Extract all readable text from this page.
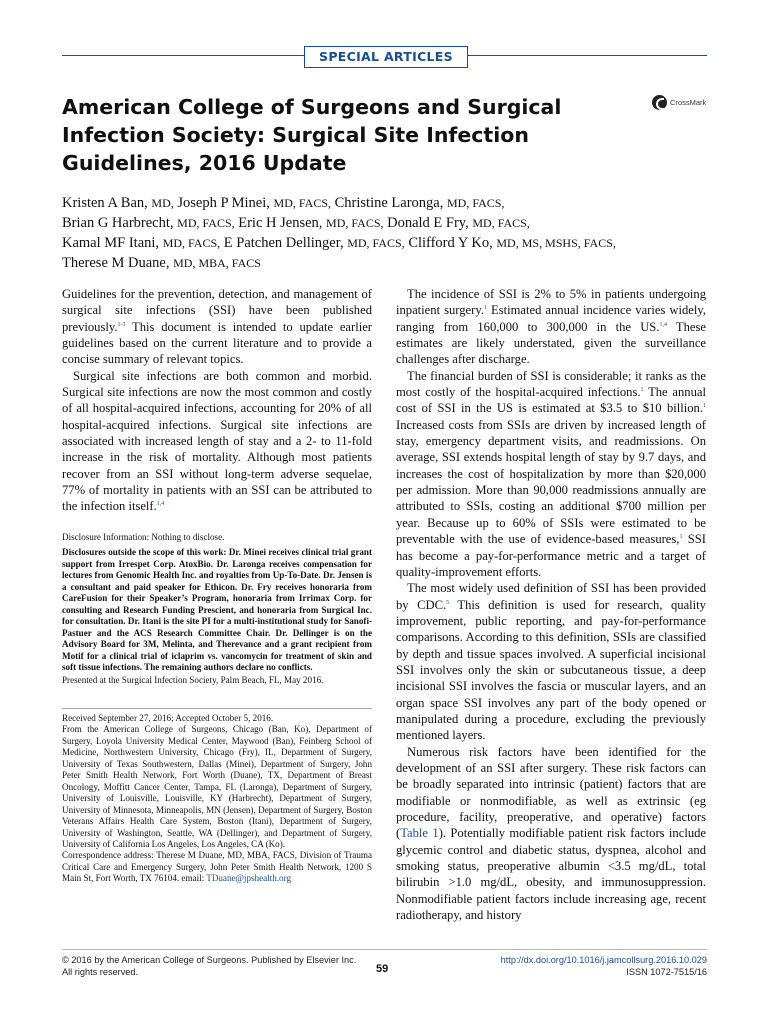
SPECIAL ARTICLES
American College of Surgeons and Surgical Infection Society: Surgical Site Infection Guidelines, 2016 Update
CrossMark

Kristen A Ban, MD, Joseph P Minei, MD, FACS, Christine Laronga, MD, FACS,

Brian G Harbrecht, MD, FACS, Eric H Jensen, MD, FACS, Donald E Fry, MD, FACS,

Kamal MF Itani, MD, FACS, E Patchen Dellinger, MD, FACS, Clifford Y Ko, MD, MS, MSHS, FACS,

Therese M Duane, MD, MBA, FACS

Guidelines for the prevention, detection, and management of surgical site infections (SSI) have been published previously.$^{1-3}$ This document is intended to update earlier guidelines based on the current literature and to provide a concise summary of relevant topics.

Surgical site infections are both common and morbid. Surgical site infections are now the most common and costly of all hospital-acquired infections, accounting for 20% of all hospital-acquired infections. Surgical site infections are associated with increased length of stay and a 2- to 11-fold increase in the risk of mortality. Although most patients recover from an SSI without long-term adverse sequelae, 77% of mortality in patients with an SSI can be attributed to the infection itself.$^{1,4}$

Disclosure Information: Nothing to disclose.

Disclosures outside the scope of this work: Dr. Minei receives clinical trial grant support from Irrespet Corp. AtoxBio. Dr. Laronga receives compensation for lectures from Genomic Health Inc. and royalties from Up-To-Date. Dr. Jensen is a consultant and paid speaker for Ethicon. Dr. Fry receives honoraria from CareFusion for their Speaker’s Program, honoraria from Irrimax Corp. for consulting and Research Funding Prescient, and honoraria from Surgical Inc. for consultation. Dr. Itani is the site PI for a multi-institutional study for Sanofi-Pastuer and the ACS Research Committee Chair. Dr. Dellinger is on the Advisory Board for 3M, Melinta, and Therevance and a grant recipient from Motif for a clinical trial of iclaprim vs. vancomycin for treatment of skin and soft tissue infections. The remaining authors declare no conflicts.

Presented at the Surgical Infection Society, Palm Beach, FL, May 2016.

Received September 27, 2016; Accepted October 5, 2016.

From the American College of Surgeons, Chicago (Ban, Ko), Department of Surgery, Loyola University Medical Center, Maywood (Ban), Feinberg School of Medicine, Northwestern University, Chicago (Fry), IL, Department of Surgery, University of Texas Southwestern, Dallas (Minei), Department of Surgery, John Peter Smith Health Network, Fort Worth (Duane), TX, Department of Breast Oncology, Moffitt Cancer Center, Tampa, FL (Laronga), Department of Surgery, University of Louisville, Louisville, KY (Harbrecht), Department of Surgery, University of Minnesota, Minneapolis, MN (Jensen), Department of Surgery, Boston Veterans Affairs Health Care System, Boston (Itani), Department of Surgery, University of Washington, Seattle, WA (Dellinger), and Department of Surgery, University of California Los Angeles, Los Angeles, CA (Ko).

Correspondence address: Therese M Duane, MD, MBA, FACS, Division of Trauma Critical Care and Emergency Surgery, John Peter Smith Health Network, 1200 S Main St, Fort Worth, TX 76104. email: TDuane@jpshealth.org

The incidence of SSI is 2% to 5% in patients undergoing inpatient surgery.$^1$ Estimated annual incidence varies widely, ranging from 160,000 to 300,000 in the US.$^{1,4}$ These estimates are likely understated, given the surveillance challenges after discharge.

The financial burden of SSI is considerable; it ranks as the most costly of the hospital-acquired infections.$^1$ The annual cost of SSI in the US is estimated at $3.5 to $10 billion.$^1$ Increased costs from SSIs are driven by increased length of stay, emergency department visits, and readmissions. On average, SSI extends hospital length of stay by 9.7 days, and increases the cost of hospitalization by more than $20,000 per admission. More than 90,000 readmissions annually are attributed to SSIs, costing an additional $700 million per year. Because up to 60% of SSIs were estimated to be preventable with the use of evidence-based measures,$^1$ SSI has become a pay-for-performance metric and a target of quality-improvement efforts.

The most widely used definition of SSI has been provided by CDC.$^5$ This definition is used for research, quality improvement, public reporting, and pay-for-performance comparisons. According to this definition, SSIs are classified by depth and tissue spaces involved. A superficial incisional SSI involves only the skin or subcutaneous tissue, a deep incisional SSI involves the fascia or muscular layers, and an organ space SSI involves any part of the body opened or manipulated during a procedure, excluding the previously mentioned layers.

Numerous risk factors have been identified for the development of an SSI after surgery. These risk factors can be broadly separated into intrinsic (patient) factors that are modifiable or nonmodifiable, as well as extrinsic (eg procedure, facility, preoperative, and operative) factors (Table 1). Potentially modifiable patient risk factors include glycemic control and diabetic status, dyspnea, alcohol and smoking status, preoperative albumin <3.5 mg/dL, total bilirubin >1.0 mg/dL, obesity, and immunosuppression. Nonmodifiable patient factors include increasing age, recent radiotherapy, and history

© 2016 by the American College of Surgeons. Published by Elsevier Inc.
All rights reserved.	59
http://dx.doi.org/10.1016/j.jamcollsurg.2016.10.029
ISSN 1072-7515/16
